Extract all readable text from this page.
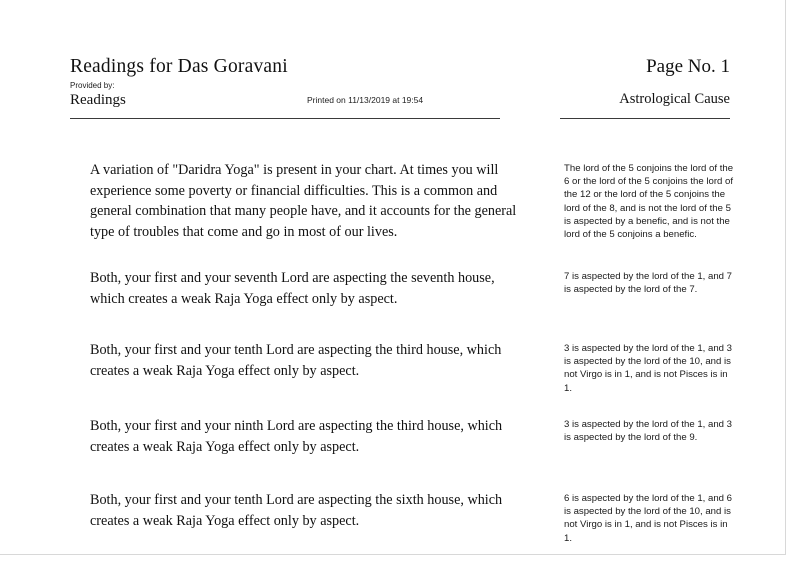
Readings for Das Goravani
Provided by:
Readings	Printed on 11/13/2019 at 19:54
Page No. 1
Astrological Cause
A variation of "Daridra Yoga" is present in your chart. At times you will experience some poverty or financial difficulties. This is a common and general combination that many people have, and it accounts for the general type of troubles that come and go in most of our lives.
The lord of the 5 conjoins the lord of the 6 or the lord of the 5 conjoins the lord of the 12 or the lord of the 5 conjoins the lord of the 8, and is not the lord of the 5 is aspected by a benefic, and is not the lord of the 5 conjoins a benefic.
Both, your first and your seventh Lord are aspecting the seventh house, which creates a weak Raja Yoga effect only by aspect.
7 is aspected by the lord of the 1, and 7 is aspected by the lord of the 7.
Both, your first and your tenth Lord are aspecting the third house, which creates a weak Raja Yoga effect only by aspect.
3 is aspected by the lord of the 1, and 3 is aspected by the lord of the 10, and is not Virgo is in 1, and is not Pisces is in 1.
Both, your first and your ninth Lord are aspecting the third house, which creates a weak Raja Yoga effect only by aspect.
3 is aspected by the lord of the 1, and 3 is aspected by the lord of the 9.
Both, your first and your tenth Lord are aspecting the sixth house, which creates a weak Raja Yoga effect only by aspect.
6 is aspected by the lord of the 1, and 6 is aspected by the lord of the 10, and is not Virgo is in 1, and is not Pisces is in 1.
